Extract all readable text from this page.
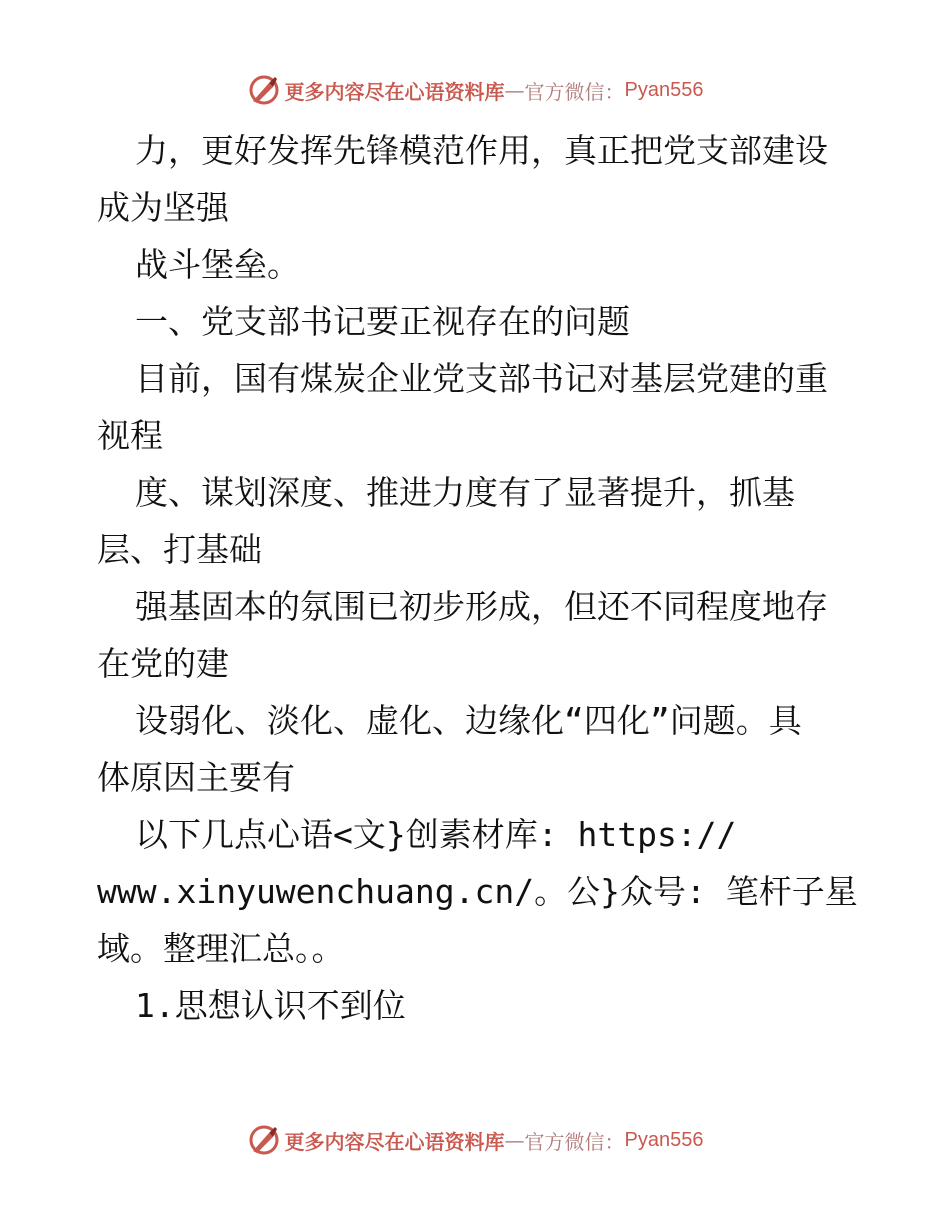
更多内容尽在心语资料库 — 官方微信： Pyan556

力，更好发挥先锋模范作用，真正把党支部建设

成为坚强

战斗堡垒。

一、党支部书记要正视存在的问题

目前，国有煤炭企业党支部书记对基层党建的重

视程

度、谋划深度、推进力度有了显著提升，抓基

层、打基础

强基固本的氛围已初步形成，但还不同程度地存

在党的建

设弱化、淡化、虚化、边缘化“四化”问题。具

体原因主要有

以下几点心语<文}创素材库: https://

www.xinyuwenchuang.cn/。公}众号: 笔杆子星

域。整理汇总。。

1.思想认识不到位

更多内容尽在心语资料库 — 官方微信： Pyan556
